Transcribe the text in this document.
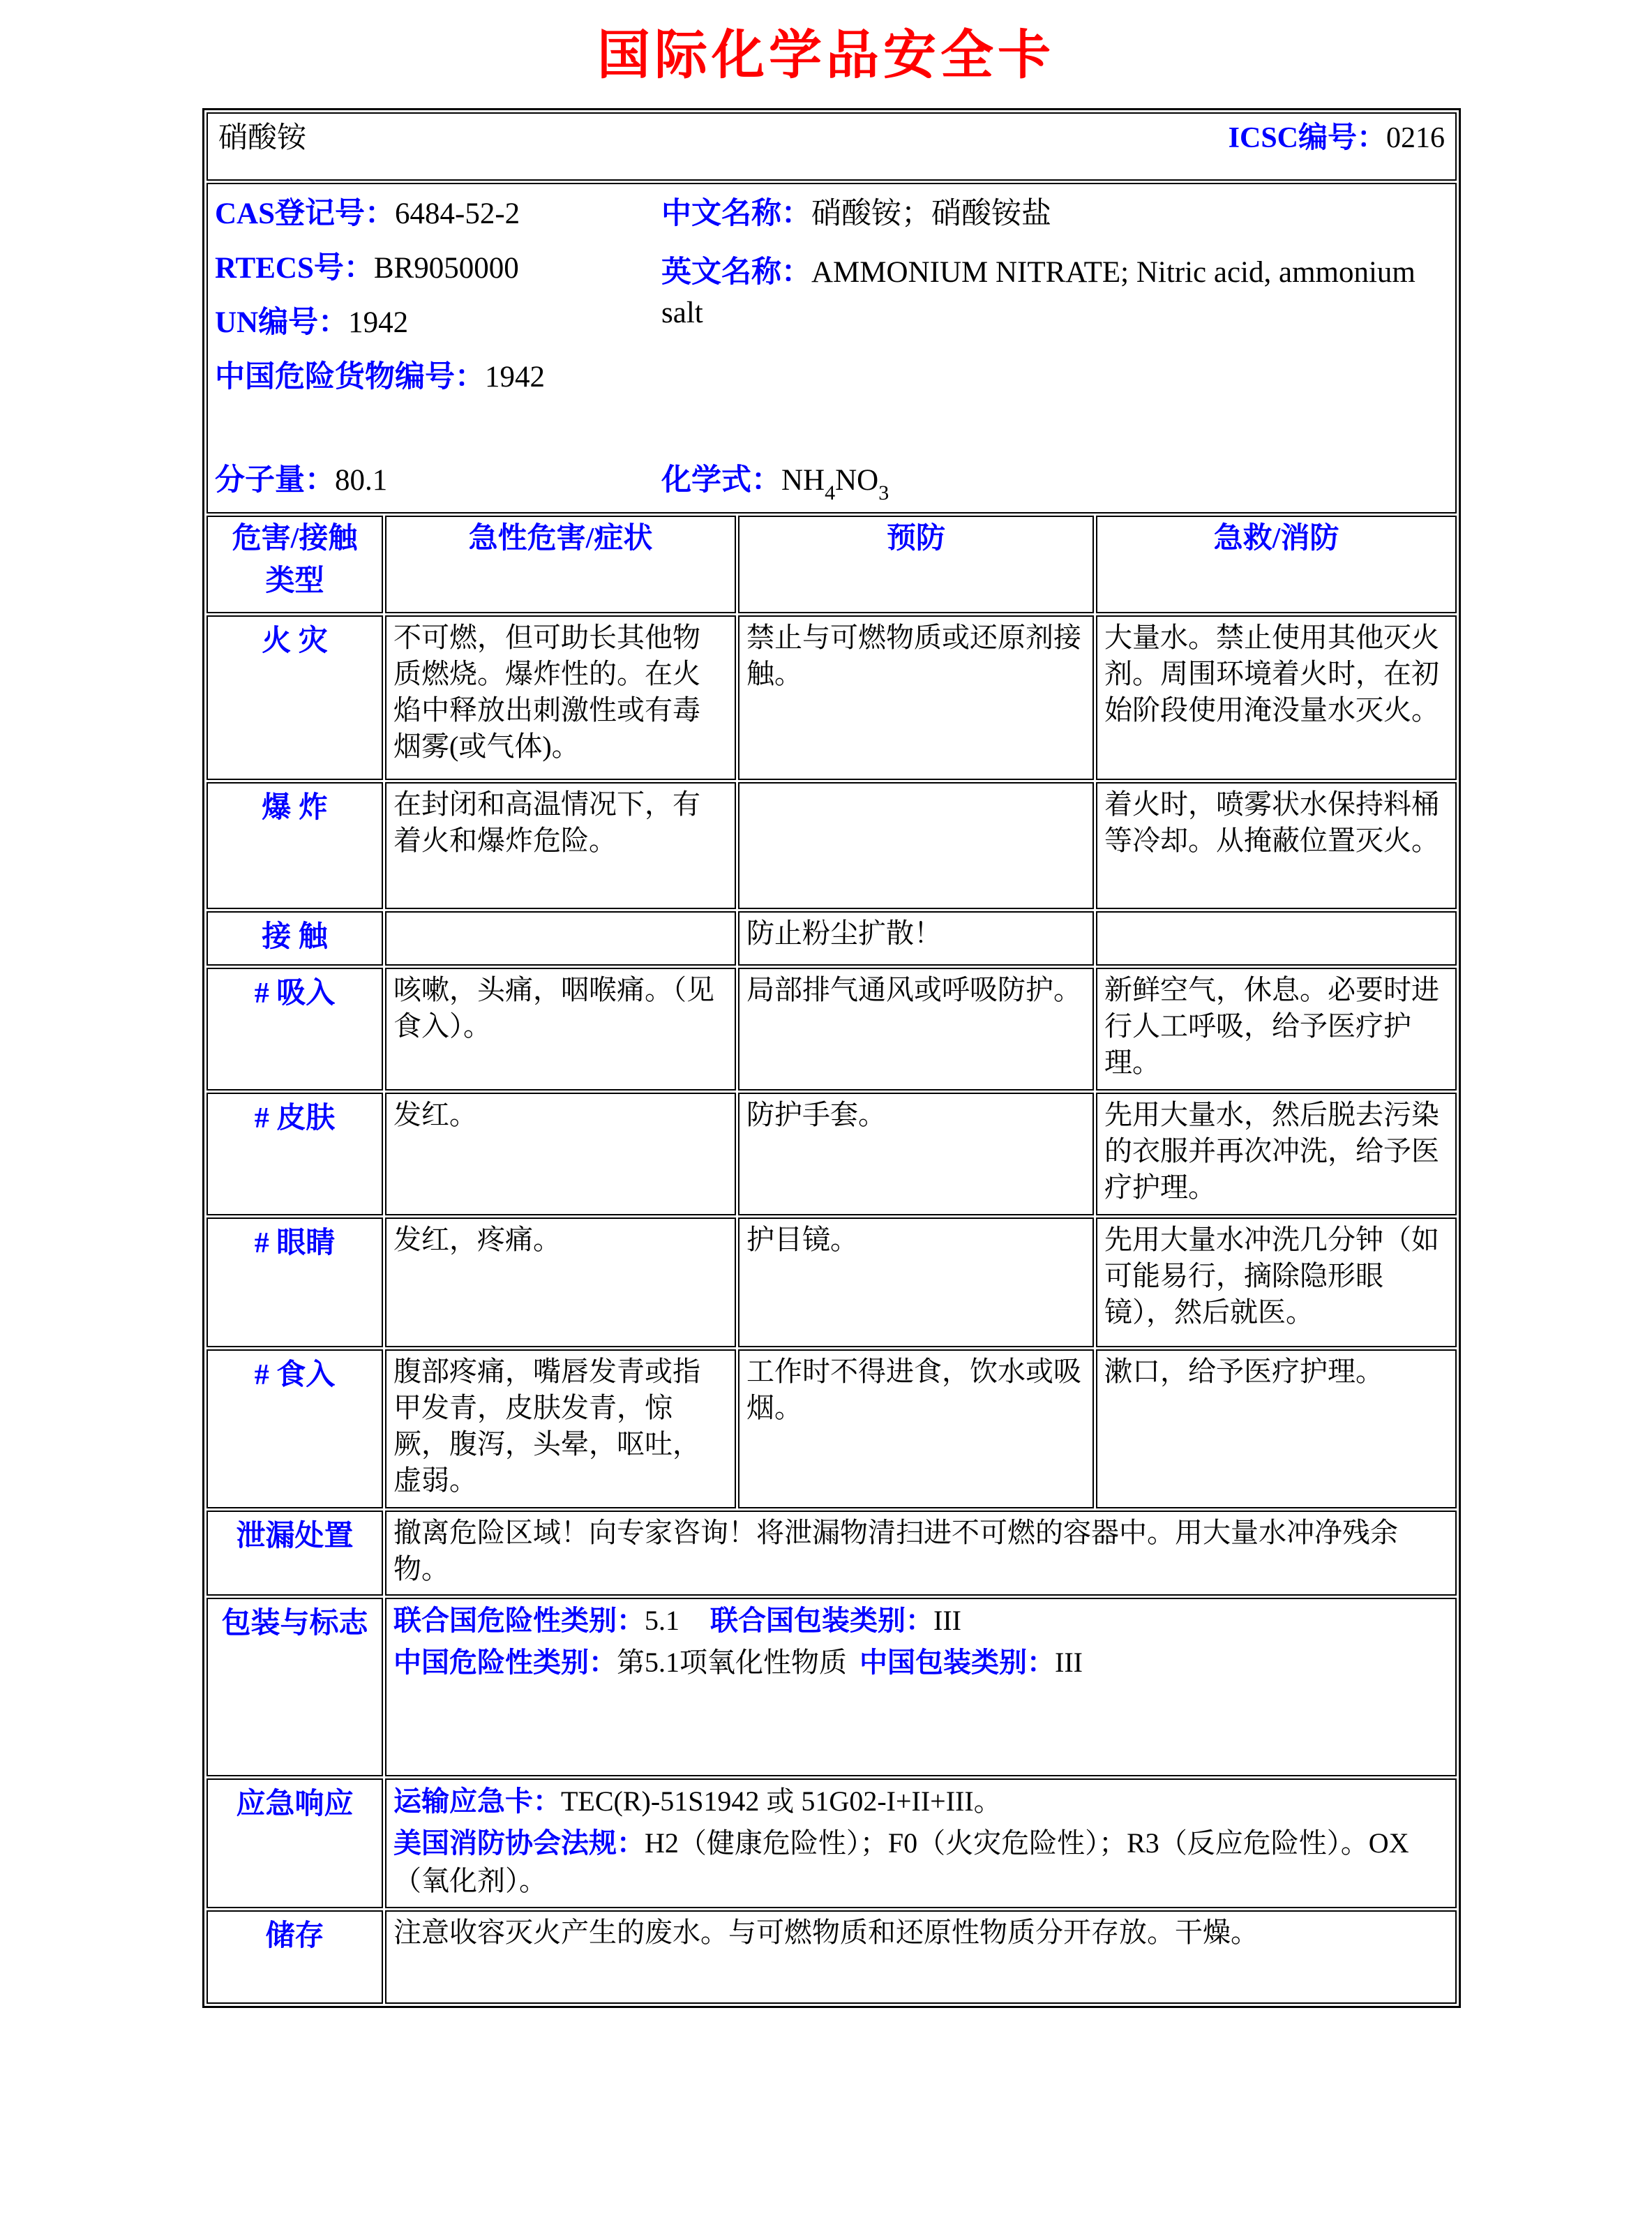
国际化学品安全卡
硝酸铵 ICSC编号：0216			

CAS登记号：6484-52-2
RTECS号：BR9050000
UN编号：1942
中国危险货物编号：1942
中文名称：硝酸铵；硝酸铵盐
英文名称：AMMONIUM NITRATE; Nitric acid, ammonium salt
分子量：80.1	化学式：$NH_4NO_3$

危害/接触
类型	急性危害/症状	预防	急救/消防
火 灾	不可燃，但可助长其他物质燃烧。爆炸性的。在火焰中释放出刺激性或有毒烟雾(或气体)。	禁止与可燃物质或还原剂接触。	大量水。禁止使用其他灭火剂。周围环境着火时，在初始阶段使用淹没量水灭火。
爆 炸	在封闭和高温情况下，有着火和爆炸危险。		着火时，喷雾状水保持料桶等冷却。从掩蔽位置灭火。
接 触		防止粉尘扩散！	
# 吸入	咳嗽，头痛，咽喉痛。（见食入）。	局部排气通风或呼吸防护。	新鲜空气，休息。必要时进行人工呼吸，给予医疗护理。
# 皮肤	发红。	防护手套。	先用大量水，然后脱去污染的衣服并再次冲洗，给予医疗护理。
# 眼睛	发红，疼痛。	护目镜。	先用大量水冲洗几分钟（如可能易行，摘除隐形眼镜），然后就医。
# 食入	腹部疼痛，嘴唇发青或指甲发青，皮肤发青，惊厥，腹泻，头晕，呕吐，虚弱。	工作时不得进食，饮水或吸烟。	漱口，给予医疗护理。
泄漏处置	撤离危险区域！向专家咨询！将泄漏物清扫进不可燃的容器中。用大量水冲净残余物。		
包装与标志	联合国危险性类别：5.1 联合国包装类别：III
中国危险性类别：第5.1项氧化性物质 中国包装类别：III		

应急响应	运输应急卡：TEC(R)-51S1942 或 51G02-I+II+III。
美国消防协会法规：H2（健康危险性）；F0（火灾危险性）；R3（反应危险性）。OX（氧化剂）。		

储存	注意收容灭火产生的废水。与可燃物质和还原性物质分开存放。干燥。		
